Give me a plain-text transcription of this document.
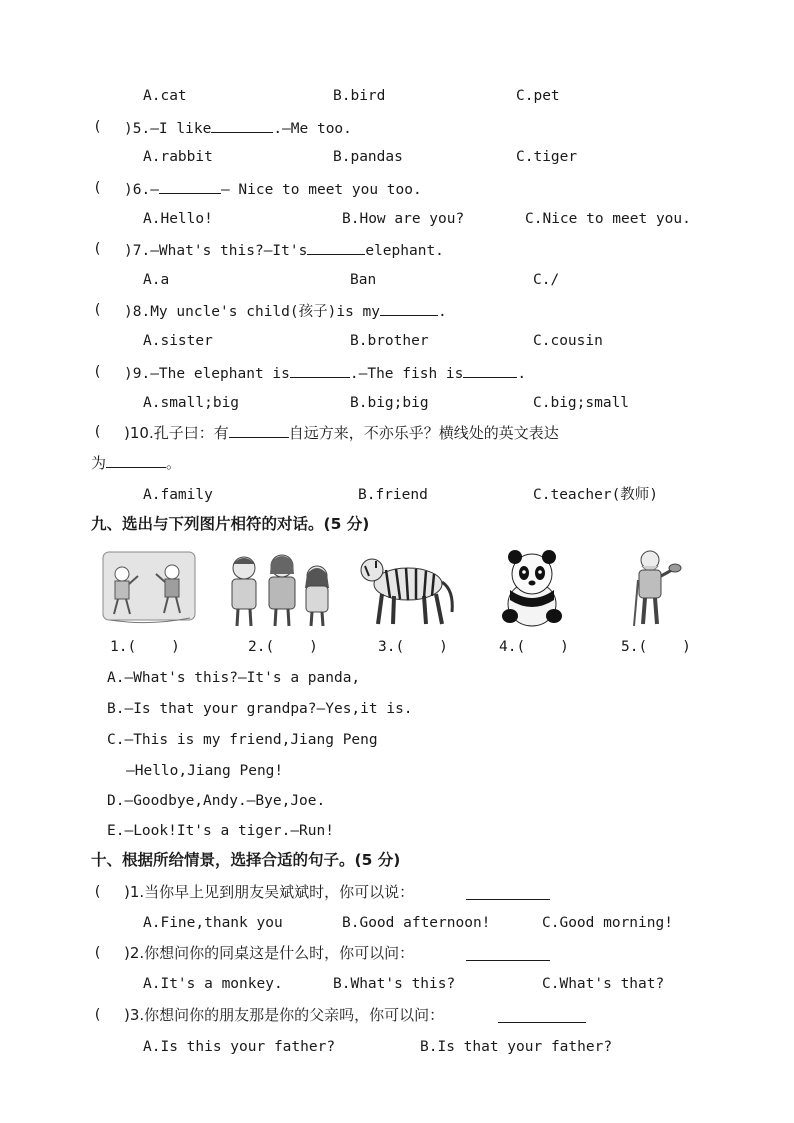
A.cat	B.bird	C.pet
( )5.—I like	.—Me too.
A.rabbit	B.pandas	C.tiger
( )6.—	— Nice to meet you too.
A.Hello!	B.How are you?	C.Nice to meet you.
( )7.—What's this?—It's	elephant.
A.a	Ban	C./
( )8.My uncle's child(孩子)is my	.
A.sister	B.brother	C.cousin
( )9.—The elephant is	.—The fish is	.
A.small;big	B.big;big	C.big;small
( )10.孔子曰：有	自远方来，不亦乐乎？横线处的英文表达
为	。
A.family	B.friend	C.teacher(教师)
九、选出与下列图片相符的对话。(5 分)
1.(    )	2.(    )	3.(    )	4.(    )	5.(    )
A.—What's this?—It's a panda,
B.—Is that your grandpa?—Yes,it is.
C.—This is my friend,Jiang Peng
—Hello,Jiang Peng!
D.—Goodbye,Andy.—Bye,Joe.
E.—Look!It's a tiger.—Run!
十、根据所给情景，选择合适的句子。(5 分)
( )1.当你早上见到朋友吴斌斌时，你可以说：
A.Fine,thank you	B.Good afternoon!	C.Good morning!
( )2.你想问你的同桌这是什么时，你可以问：
A.It's a monkey.	B.What's this?	C.What's that?
( )3.你想问你的朋友那是你的父亲吗，你可以问：
A.Is this your father?	B.Is that your father?
